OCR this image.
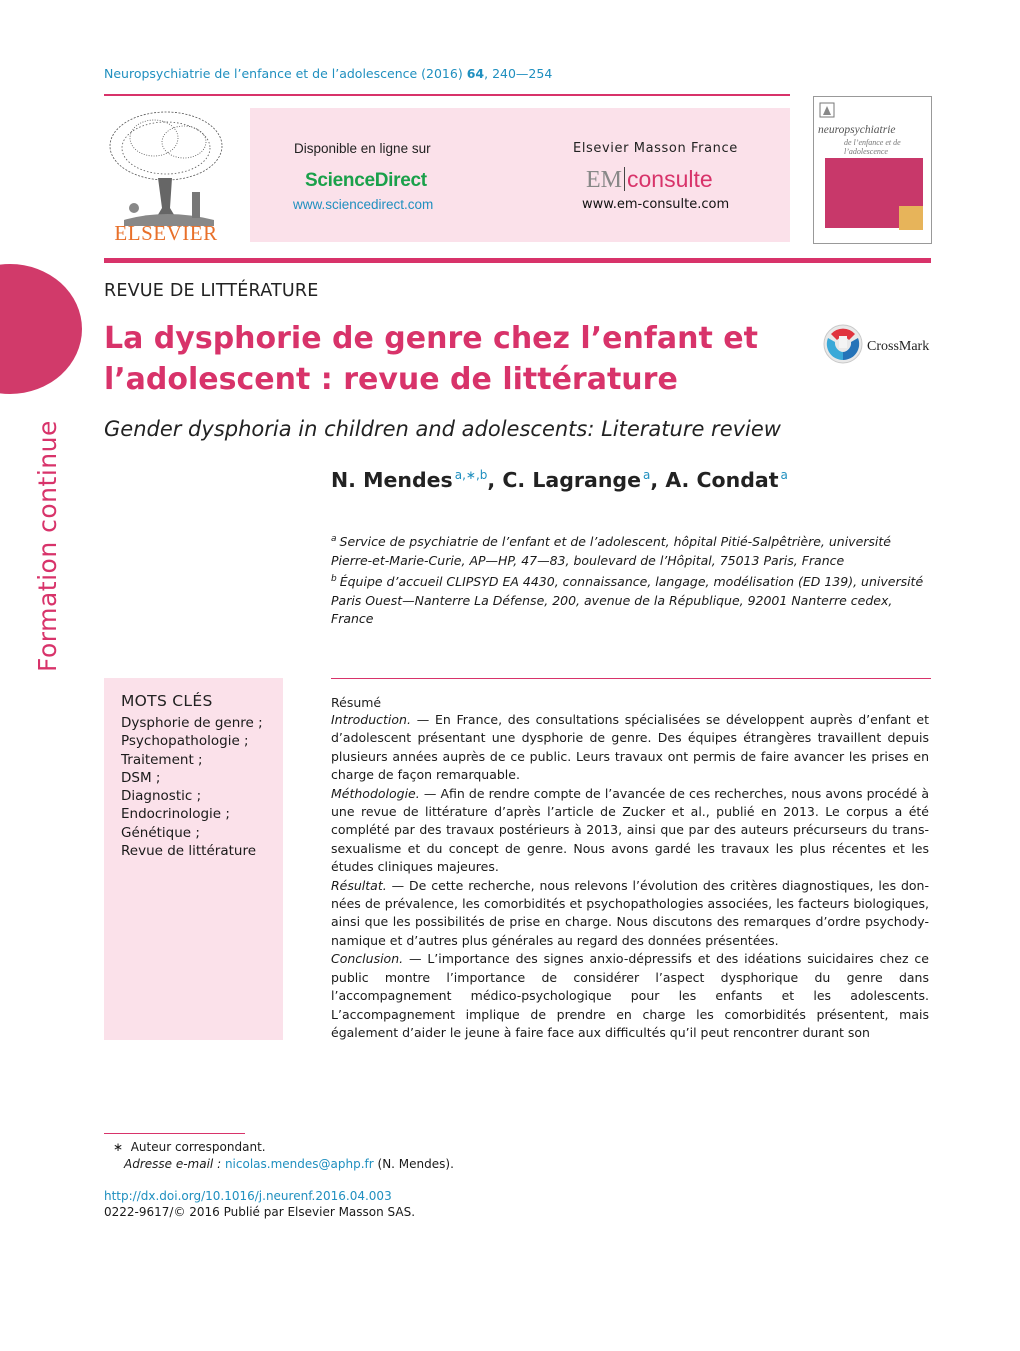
Neuropsychiatrie de l’enfance et de l’adolescence (2016) 64, 240—254
ELSEVIER
Disponible en ligne sur
ScienceDirect
www.sciencedirect.com
Elsevier Masson France
EM consulte
www.em-consulte.com
neuropsychiatrie
de l’enfance et de l’adolescence
Formation continue
REVUE DE LITTÉRATURE
La dysphorie de genre chez l’enfant et
l’adolescent : revue de littérature
CrossMark
Gender dysphoria in children and adolescents: Literature review
N. Mendes $^{a,∗,b}$, C. Lagrange $^a$, A. Condat $^a$
$^a$ Service de psychiatrie de l’enfant et de l’adolescent, hôpital Pitié-Salpêtrière, université Pierre-et-Marie-Curie, AP—HP, 47—83, boulevard de l’Hôpital, 75013 Paris, France
$^b$ Équipe d’accueil CLIPSYD EA 4430, connaissance, langage, modélisation (ED 139), université Paris Ouest—Nanterre La Défense, 200, avenue de la République, 92001 Nanterre cedex, France
MOTS CLÉS
Dysphorie de genre ;
Psychopathologie ;
Traitement ;
DSM ;
Diagnostic ;
Endocrinologie ;
Génétique ;
Revue de littérature
Résumé

Introduction. — En France, des consultations spécialisées se développent auprès d’enfant et d’adolescent présentant une dysphorie de genre. Des équipes étrangères travaillent depuis plusieurs années auprès de ce public. Leurs travaux ont permis de faire avancer les prises en charge de façon remarquable.

Méthodologie. — Afin de rendre compte de l’avancée de ces recherches, nous avons procédé à une revue de littérature d’après l’article de Zucker et al., publié en 2013. Le corpus a été complété par des travaux postérieurs à 2013, ainsi que par des auteurs précurseurs du trans-sexualisme et du concept de genre. Nous avons gardé les travaux les plus récentes et les études cliniques majeures.

Résultat. — De cette recherche, nous relevons l’évolution des critères diagnostiques, les don-nées de prévalence, les comorbidités et psychopathologies associées, les facteurs biologiques, ainsi que les possibilités de prise en charge. Nous discutons des remarques d’ordre psychody-namique et d’autres plus générales au regard des données présentées.

Conclusion. — L’importance des signes anxio-dépressifs et des idéations suicidaires chez ce public montre l’importance de considérer l’aspect dysphorique du genre dans l’accompagnement médico-psychologique pour les enfants et les adolescents. L’accompagnement implique de prendre en charge les comorbidités présentent, mais également d’aider le jeune à faire face aux difficultés qu’il peut rencontrer durant son

∗ Auteur correspondant.
Adresse e-mail : nicolas.mendes@aphp.fr (N. Mendes).
http://dx.doi.org/10.1016/j.neurenf.2016.04.003
0222-9617/© 2016 Publié par Elsevier Masson SAS.
